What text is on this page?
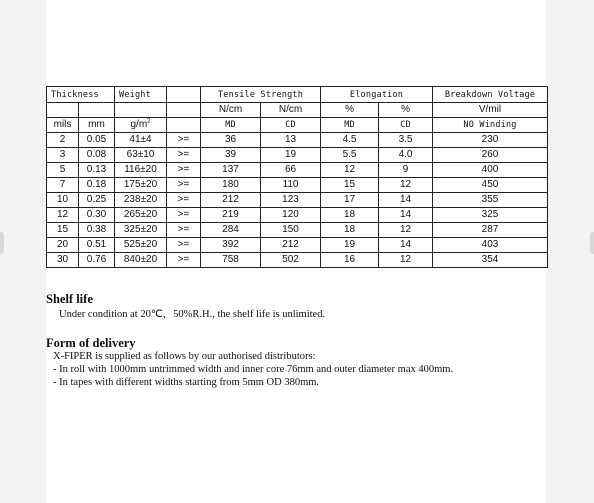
Thickness		Weight		Tensile Strength		Elongation		Breakdown Voltage
				N/cm	N/cm	%	%	V/mil
mils	mm	$g/m^2$		MD	CD	MD	CD	NO Winding
2	0.05	41±4	>=	36	13	4.5	3.5	230
3	0.08	63±10	>=	39	19	5.5	4.0	260
5	0.13	116±20	>=	137	66	12	9	400
7	0.18	175±20	>=	180	110	15	12	450
10	0.25	238±20	>=	212	123	17	14	355
12	0.30	265±20	>=	219	120	18	14	325
15	0.38	325±20	>=	284	150	18	12	287
20	0.51	525±20	>=	392	212	19	14	403
30	0.76	840±20	>=	758	502	16	12	354

Shelf life

Under condition at 20℃，50%R.H., the shelf life is unlimited.

Form of delivery

X-FIPER is supplied as follows by our authorised distributors:

- In roll with 1000mm untrimmed width and inner core 76mm and outer diameter max 400mm.

- In tapes with different widths starting from 5mm OD 380mm.
